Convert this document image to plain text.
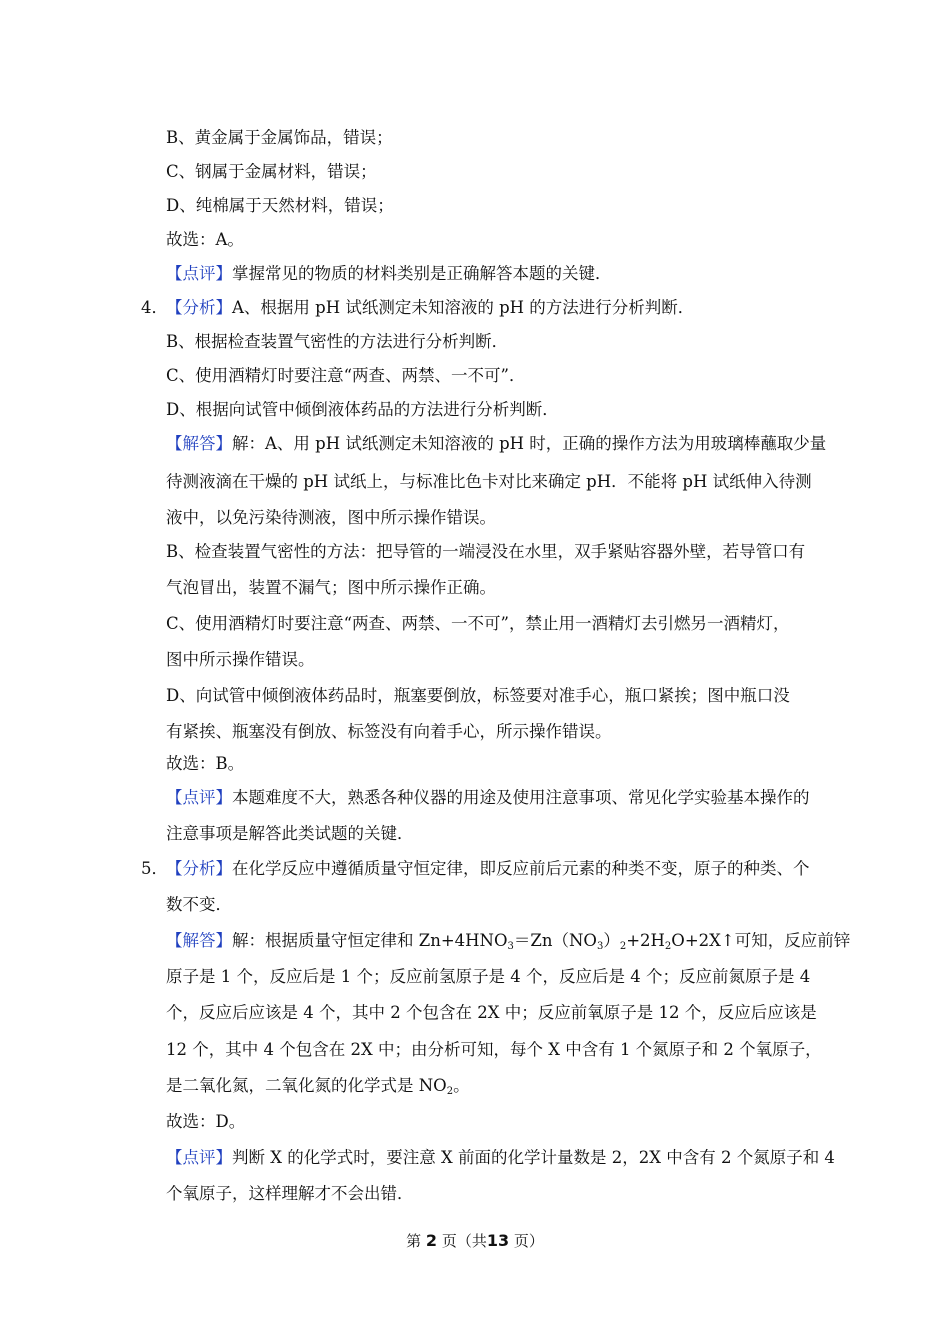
B、黄金属于金属饰品，错误；
C、钢属于金属材料，错误；
D、纯棉属于天然材料，错误；
故选：A。
【点评】掌握常见的物质的材料类别是正确解答本题的关键．
4．
【分析】A、根据用 pH 试纸测定未知溶液的 pH 的方法进行分析判断．
B、根据检查装置气密性的方法进行分析判断．
C、使用酒精灯时要注意“两查、两禁、一不可”．
D、根据向试管中倾倒液体药品的方法进行分析判断．
【解答】解：A、用 pH 试纸测定未知溶液的 pH 时，正确的操作方法为用玻璃棒蘸取少量
待测液滴在干燥的 pH 试纸上，与标准比色卡对比来确定 pH．不能将 pH 试纸伸入待测
液中，以免污染待测液，图中所示操作错误。
B、检查装置气密性的方法：把导管的一端浸没在水里，双手紧贴容器外壁，若导管口有
气泡冒出，装置不漏气；图中所示操作正确。
C、使用酒精灯时要注意“两查、两禁、一不可”，禁止用一酒精灯去引燃另一酒精灯，
图中所示操作错误。
D、向试管中倾倒液体药品时，瓶塞要倒放，标签要对准手心，瓶口紧挨；图中瓶口没
有紧挨、瓶塞没有倒放、标签没有向着手心，所示操作错误。
故选：B。
【点评】本题难度不大，熟悉各种仪器的用途及使用注意事项、常见化学实验基本操作的
注意事项是解答此类试题的关键．
5．
【分析】在化学反应中遵循质量守恒定律，即反应前后元素的种类不变，原子的种类、个
数不变．
【解答】解：根据质量守恒定律和 $Zn+4HNO_3=Zn(NO_3)_2+2H_2O+2X↑$可知，反应前锌
原子是 1 个，反应后是 1 个；反应前氢原子是 4 个，反应后是 4 个；反应前氮原子是 4
个，反应后应该是 4 个，其中 2 个包含在 2X 中；反应前氧原子是 12 个，反应后应该是
12 个，其中 4 个包含在 2X 中；由分析可知，每个 X 中含有 1 个氮原子和 2 个氧原子，
是二氧化氮，二氧化氮的化学式是 $NO_2$。
故选：D。
【点评】判断 X 的化学式时，要注意 X 前面的化学计量数是 2，2X 中含有 2 个氮原子和 4
个氧原子，这样理解才不会出错．
第 2 页（共13 页）
